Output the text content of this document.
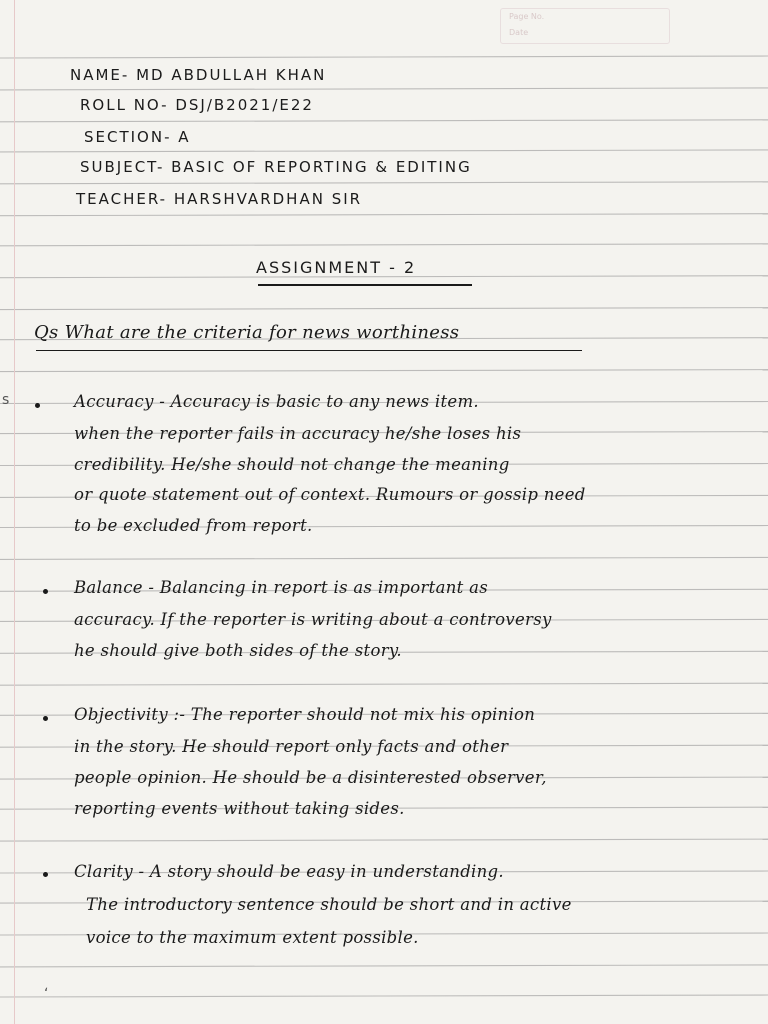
Page No.
Date
NAME- MD ABDULLAH KHAN
ROLL NO- DSJ/B2021/E22
SECTION- A
SUBJECT- BASIC OF REPORTING & EDITING
TEACHER- HARSHVARDHAN SIR
ASSIGNMENT - 2
Qs What are the criteria for news worthiness
s	Accuracy - Accuracy is basic to any news item.
when the reporter fails in accuracy he/she loses his
credibility. He/she should not change the meaning
or quote statement out of context. Rumours or gossip need
to be excluded from report.
Balance - Balancing in report is as important as
accuracy. If the reporter is writing about a controversy
he should give both sides of the story.
Objectivity :- The reporter should not mix his opinion
in the story. He should report only facts and other
people opinion. He should be a disinterested observer,
reporting events without taking sides.
Clarity - A story should be easy in understanding.
The introductory sentence should be short and in active
voice to the maximum extent possible.
ʻ
